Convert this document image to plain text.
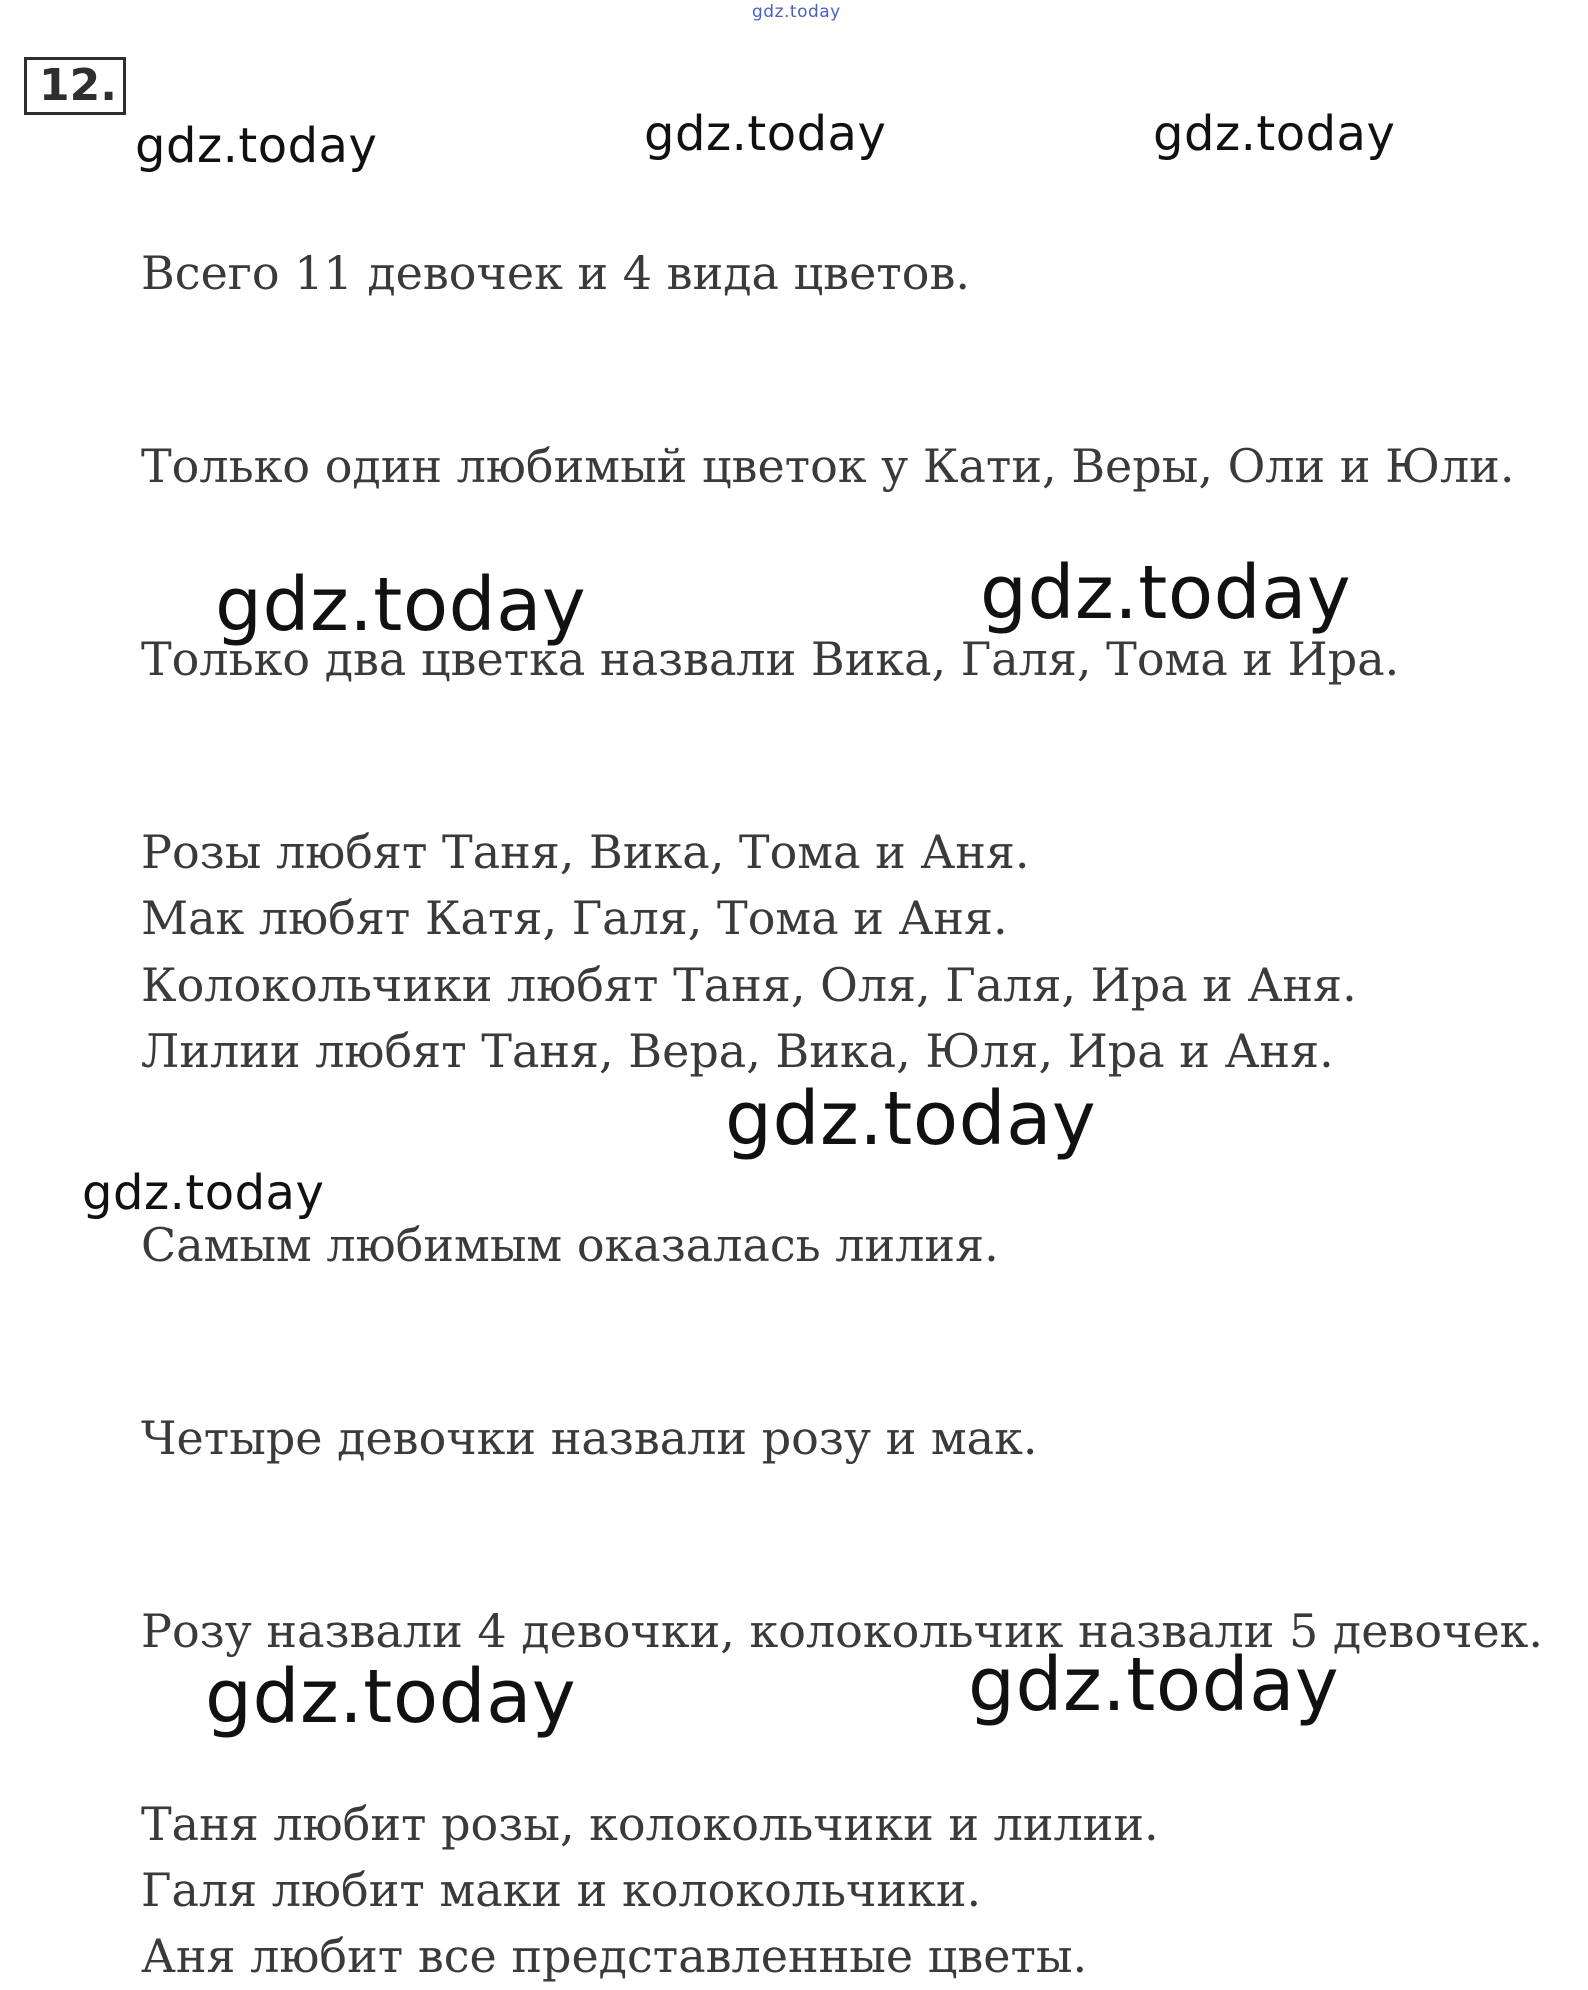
gdz.today
12.
Всего 11 девочек и 4 вида цветов.
Только один любимый цветок у Кати, Веры, Оли и Юли.
Только два цветка назвали Вика, Галя, Тома и Ира.
Розы любят Таня, Вика, Тома и Аня.
Мак любят Катя, Галя, Тома и Аня.
Колокольчики любят Таня, Оля, Галя, Ира и Аня.
Лилии любят Таня, Вера, Вика, Юля, Ира и Аня.
Самым любимым оказалась лилия.
Четыре девочки назвали розу и мак.
Розу назвали 4 девочки, колокольчик назвали 5 девочек.
Таня любит розы, колокольчики и лилии.
Галя любит маки и колокольчики.
Аня любит все представленные цветы.
gdz.today	gdz.today	gdz.today
gdz.today	gdz.today
gdz.today
gdz.today
gdz.today	gdz.today
